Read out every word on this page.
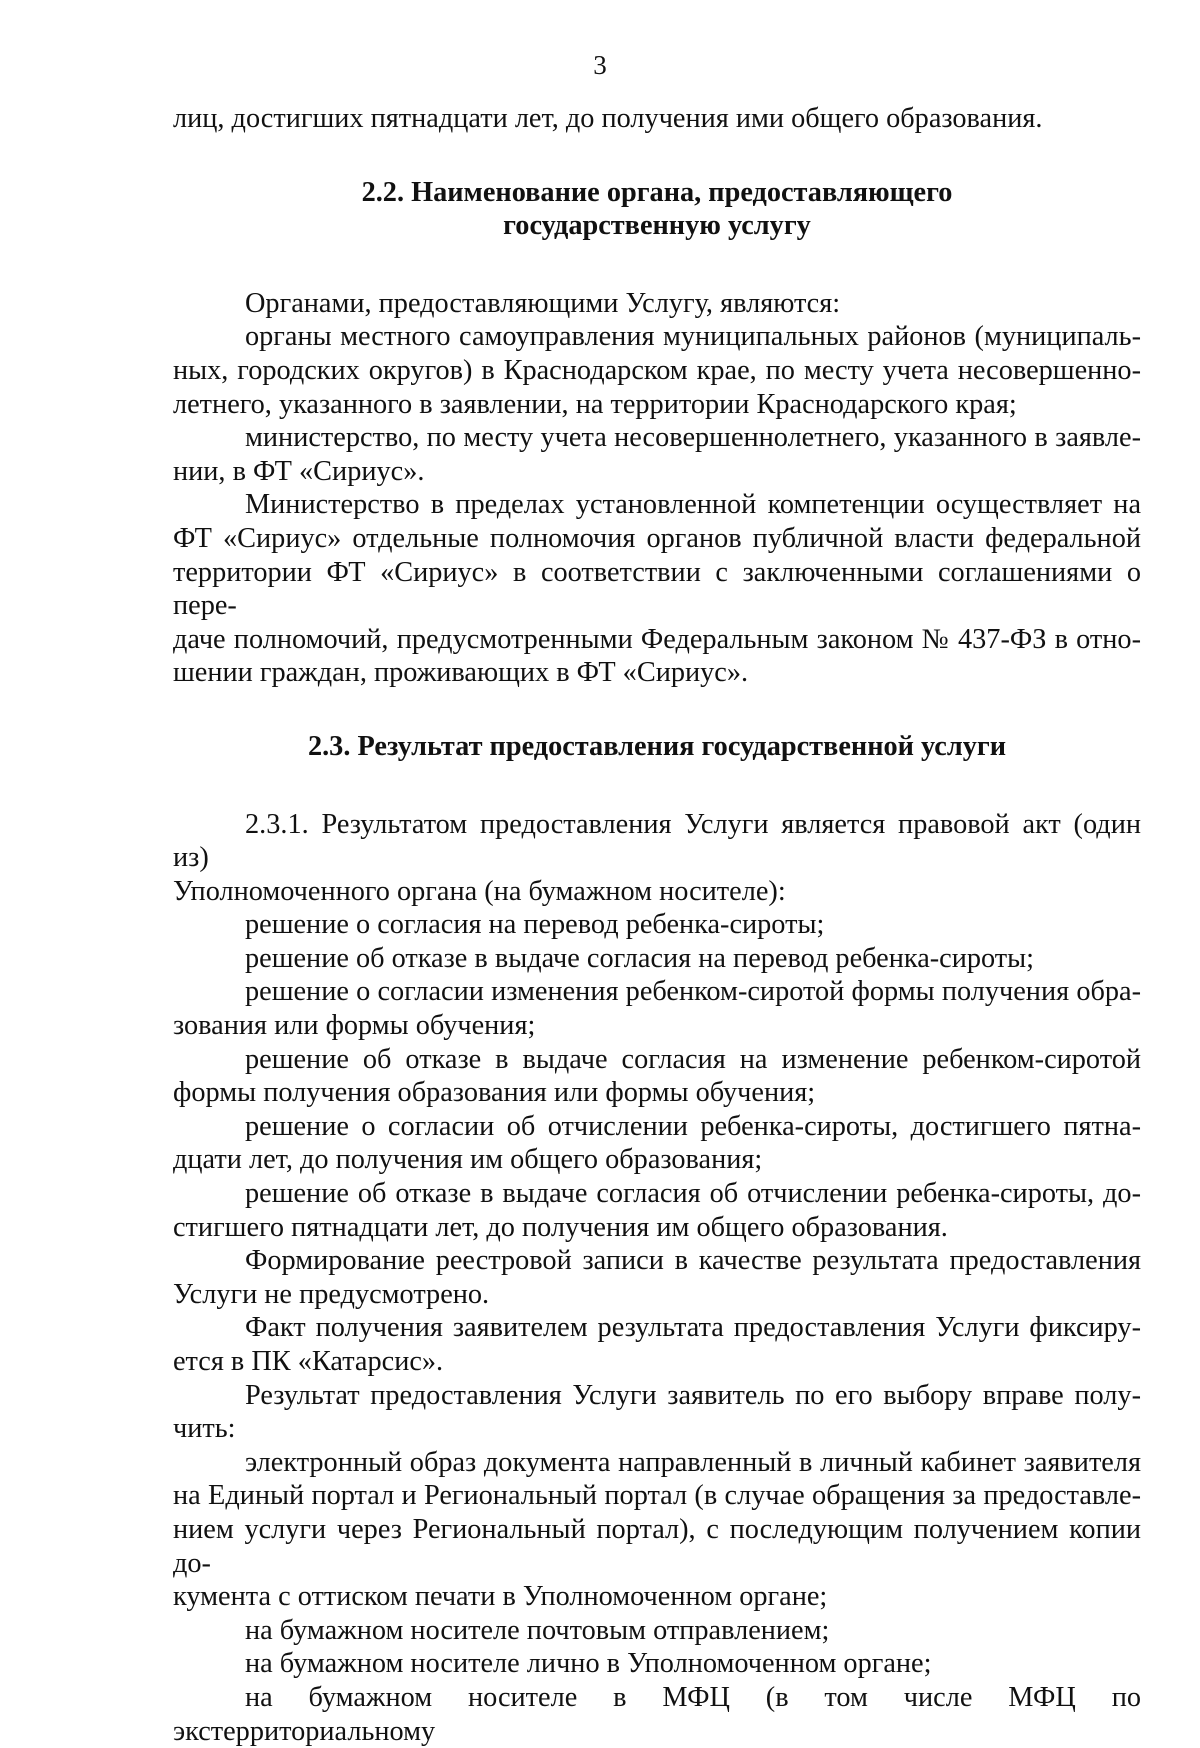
3
лиц, достигших пятнадцати лет, до получения ими общего образования.
2.2. Наименование органа, предоставляющего
государственную услугу
Органами, предоставляющими Услугу, являются:
органы местного самоуправления муниципальных районов (муниципаль-
ных, городских округов) в Краснодарском крае, по месту учета несовершенно-
летнего, указанного в заявлении, на территории Краснодарского края;
министерство, по месту учета несовершеннолетнего, указанного в заявле-
нии, в ФТ «Сириус».
Министерство в пределах установленной компетенции осуществляет на
ФТ «Сириус» отдельные полномочия органов публичной власти федеральной
территории ФТ «Сириус» в соответствии с заключенными соглашениями о пере-
даче полномочий, предусмотренными Федеральным законом № 437-ФЗ в отно-
шении граждан, проживающих в ФТ «Сириус».
2.3. Результат предоставления государственной услуги
2.3.1. Результатом предоставления Услуги является правовой акт (один из)
Уполномоченного органа (на бумажном носителе):
решение о согласия на перевод ребенка-сироты;
решение об отказе в выдаче согласия на перевод ребенка-сироты;
решение о согласии изменения ребенком-сиротой формы получения обра-
зования или формы обучения;
решение об отказе в выдаче согласия на изменение ребенком-сиротой
формы получения образования или формы обучения;
решение о согласии об отчислении ребенка-сироты, достигшего пятна-
дцати лет, до получения им общего образования;
решение об отказе в выдаче согласия об отчислении ребенка-сироты, до-
стигшего пятнадцати лет, до получения им общего образования.
Формирование реестровой записи в качестве результата предоставления
Услуги не предусмотрено.
Факт получения заявителем результата предоставления Услуги фиксиру-
ется в ПК «Катарсис».
Результат предоставления Услуги заявитель по его выбору вправе полу-
чить:
электронный образ документа направленный в личный кабинет заявителя
на Единый портал и Региональный портал (в случае обращения за предоставле-
нием услуги через Региональный портал), с последующим получением копии до-
кумента с оттиском печати в Уполномоченном органе;
на бумажном носителе почтовым отправлением;
на бумажном носителе лично в Уполномоченном органе;
на бумажном носителе в МФЦ (в том числе МФЦ по экстерриториальному
